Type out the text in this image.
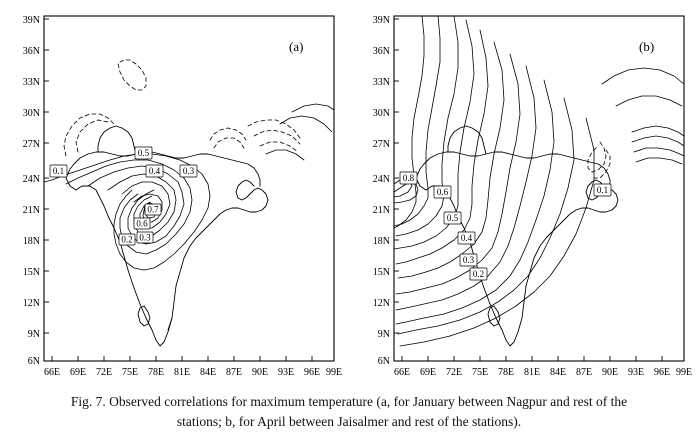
39N
36N
33N
30N
27N
24N
21N
18N
15N
12N
9N
6N
66E 69E 72E 75E 78E 81E 84E 87E 90E 93E 96E 99E
0.1
0.5
0.4	0.3
0.7
0.6
0.2 0.3
(a)
39N
36N
33N
30N
27N
24N
21N
18N
15N
12N
9N
6N
66E 69E 72E 75E 78E 81E 84E 87E 90E 93E 96E 99E
0.8
0.6	0.1
0.5
0.4
0.3
0.2
(b)
Fig. 7. Observed correlations for maximum temperature (a, for January between Nagpur and rest of the
stations; b, for April between Jaisalmer and rest of the stations).
